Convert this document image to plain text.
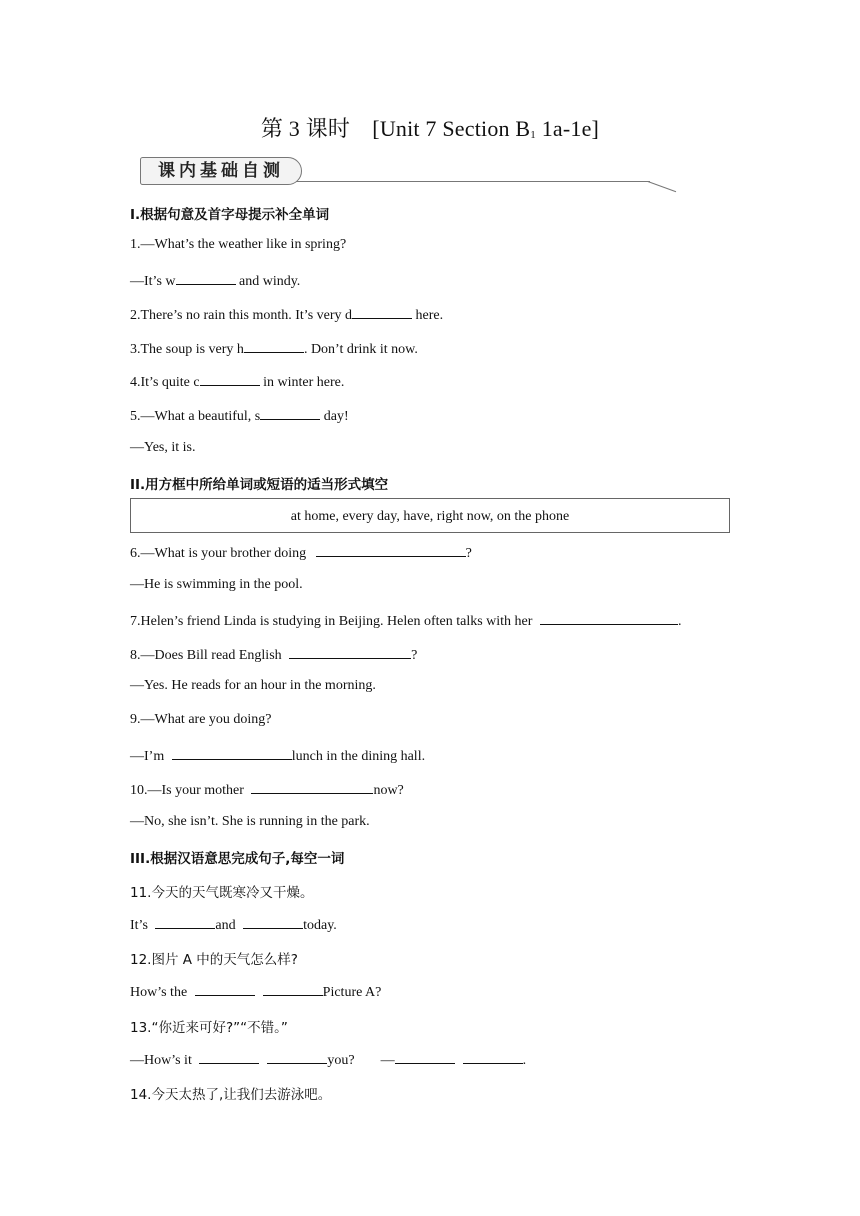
第 3 课时　[Unit 7 Section $B_1$ 1a-1e]
课内基础自测
I.根据句意及首字母提示补全单词
1.—What’s the weather like in spring?
—It’s w	and windy.
2.There’s no rain this month. It’s very d	here.
3.The soup is very h	. Don’t drink it now.
4.It’s quite c	in winter here.
5.—What a beautiful, s	day!
—Yes, it is.
II.用方框中所给单词或短语的适当形式填空
at home, every day, have, right now, on the phone
6.—What is your brother doing	?
—He is swimming in the pool.
7.Helen’s friend Linda is studying in Beijing. Helen often talks with her	.
8.—Does Bill read English	?
—Yes. He reads for an hour in the morning.
9.—What are you doing?
—I’m	lunch in the dining hall.
10.—Is your mother	now?
—No, she isn’t. She is running in the park.
III.根据汉语意思完成句子,每空一词
11.今天的天气既寒冷又干燥。
It’s	and	today.
12.图片 A 中的天气怎么样?
How’s the	Picture A?
13.“你近来可好?”“不错。”
—How’s it	you? —	.
14.今天太热了,让我们去游泳吧。
